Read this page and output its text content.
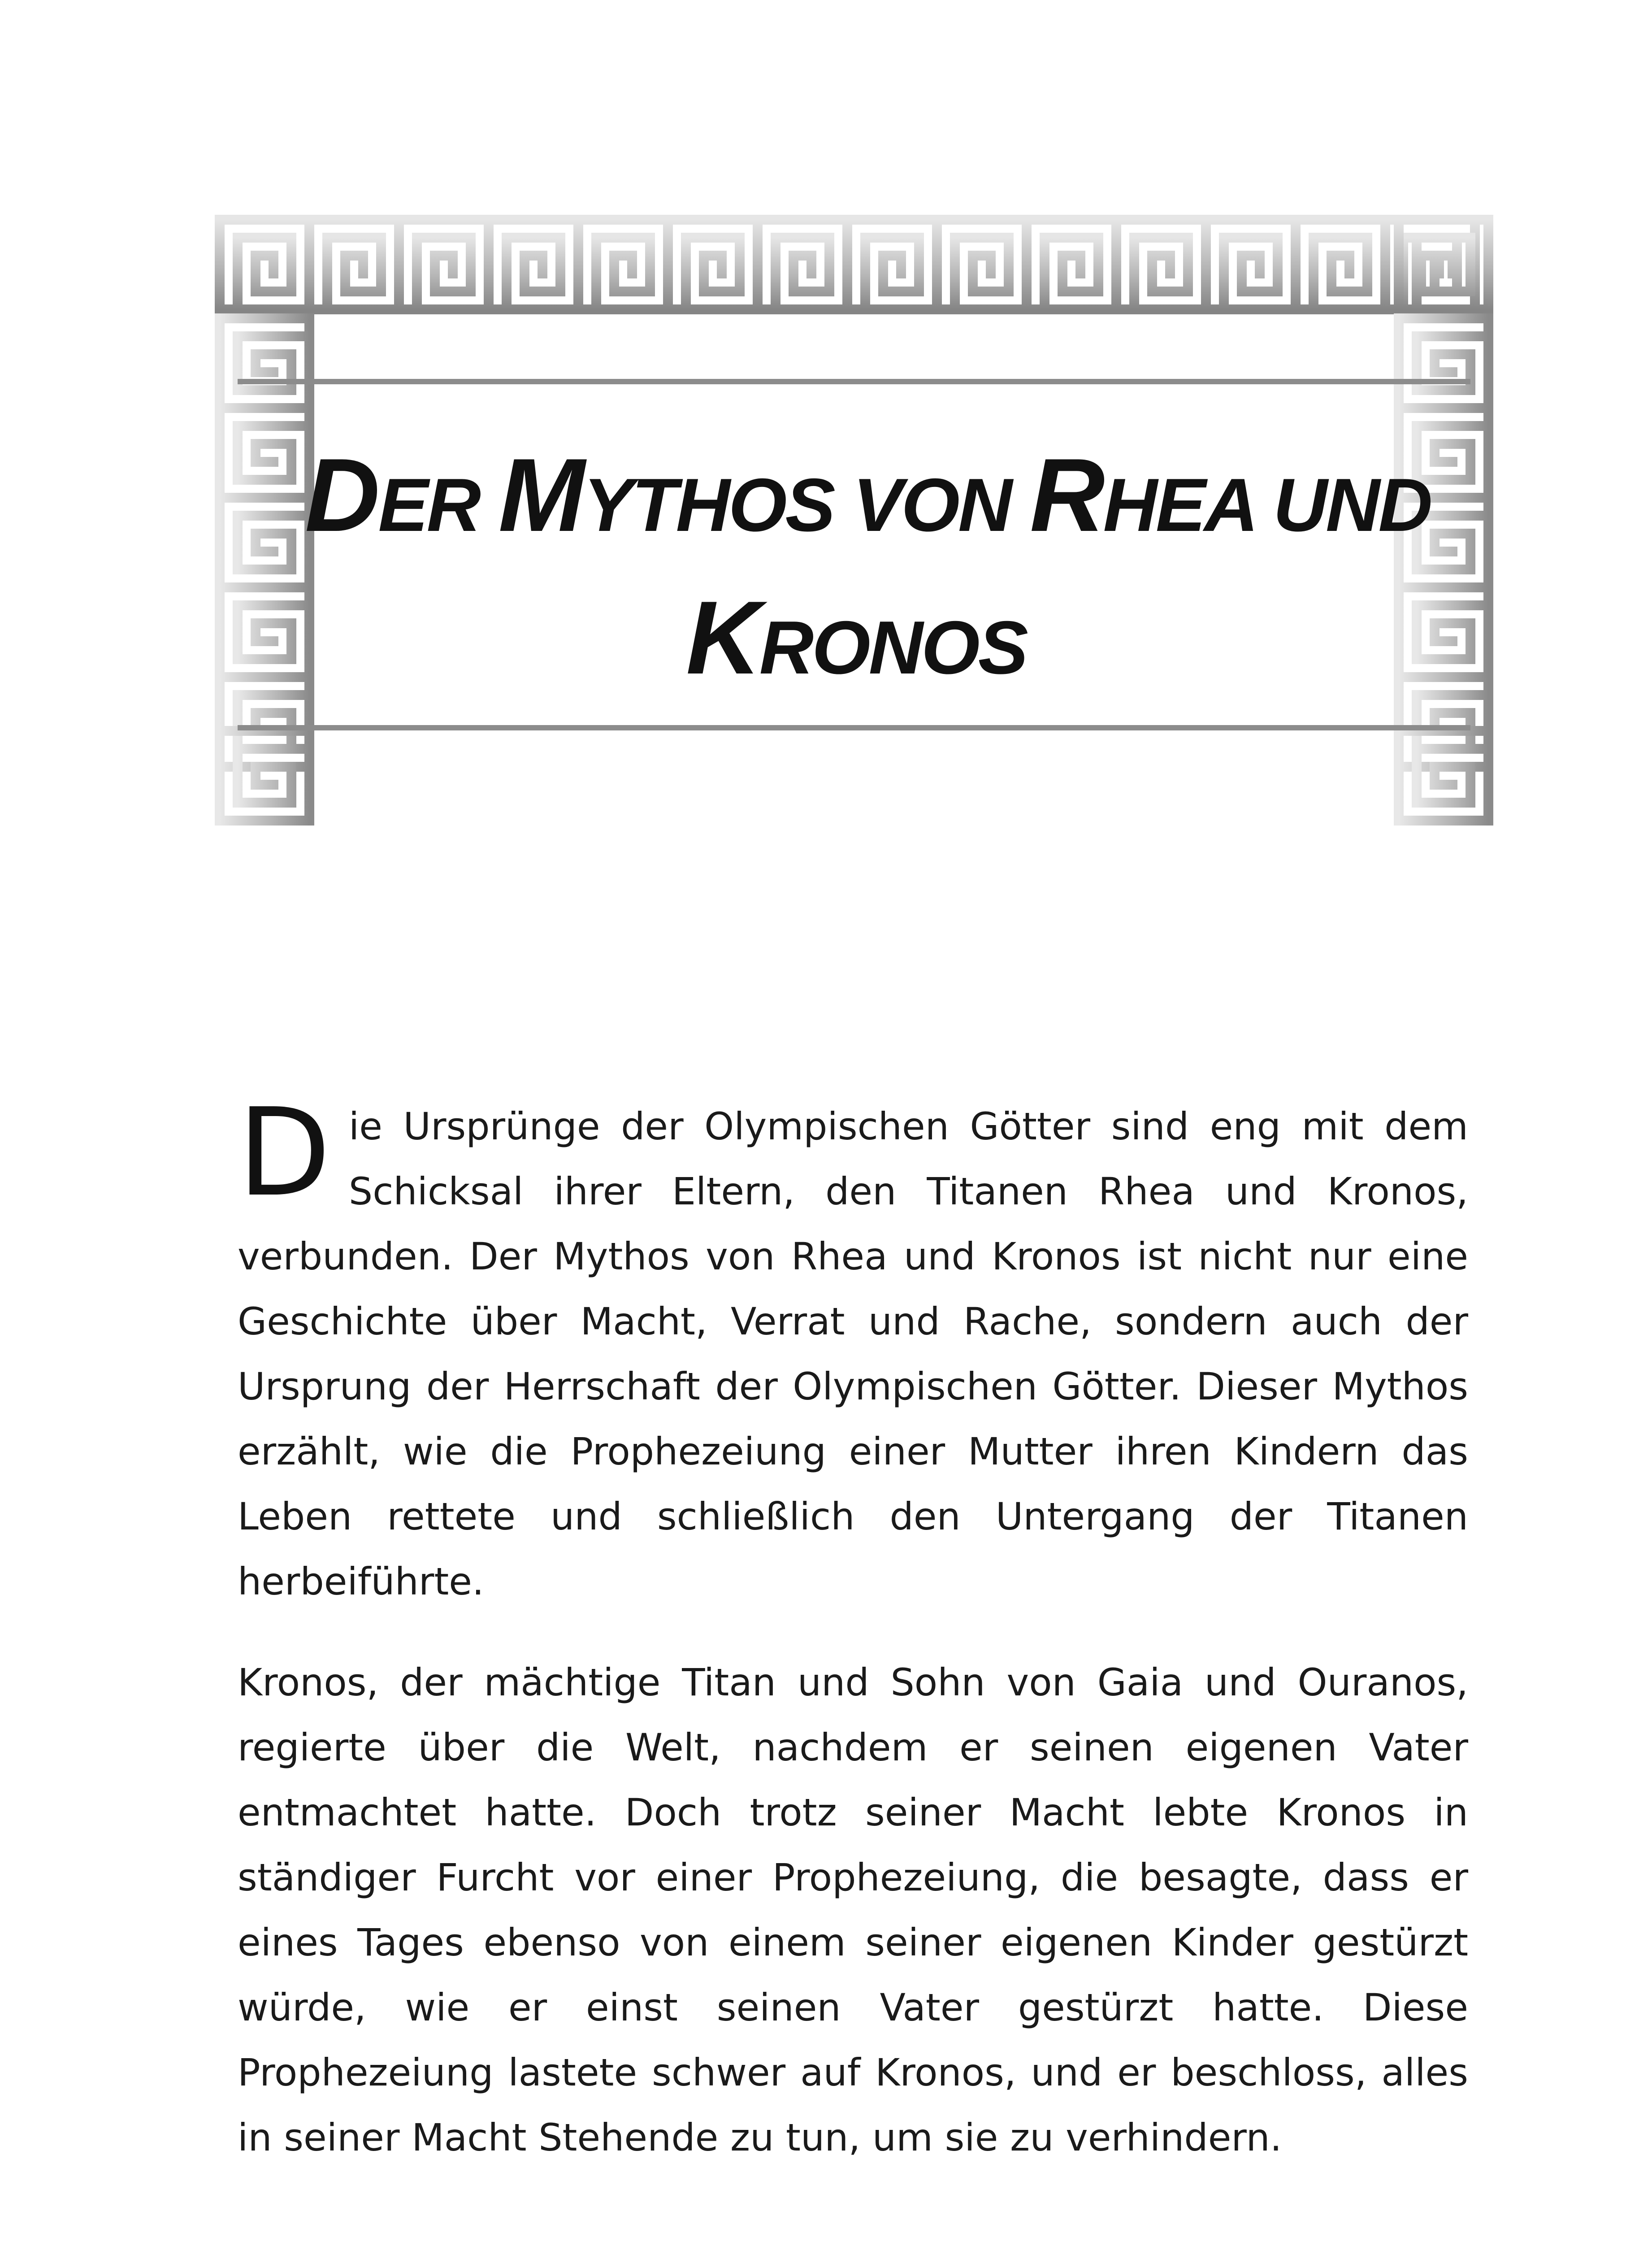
DER MYTHOS VON RHEA UND
KRONOS

Die Ursprünge der Olympischen Götter sind eng mit dem Schicksal ihrer Eltern, den Titanen Rhea und Kronos, verbunden. Der Mythos von Rhea und Kronos ist nicht nur eine Geschichte über Macht, Verrat und Rache, sondern auch der Ursprung der Herrschaft der Olympischen Götter. Dieser Mythos erzählt, wie die Prophezeiung einer Mutter ihren Kindern das Leben rettete und schließlich den Untergang der Titanen herbeiführte.

Kronos, der mächtige Titan und Sohn von Gaia und Ouranos, regierte über die Welt, nachdem er seinen eigenen Vater entmachtet hatte. Doch trotz seiner Macht lebte Kronos in ständiger Furcht vor einer Prophezeiung, die besagte, dass er eines Tages ebenso von einem seiner eigenen Kinder gestürzt würde, wie er einst seinen Vater gestürzt hatte. Diese Prophezeiung lastete schwer auf Kronos, und er beschloss, alles in seiner Macht Stehende zu tun, um sie zu verhindern.
